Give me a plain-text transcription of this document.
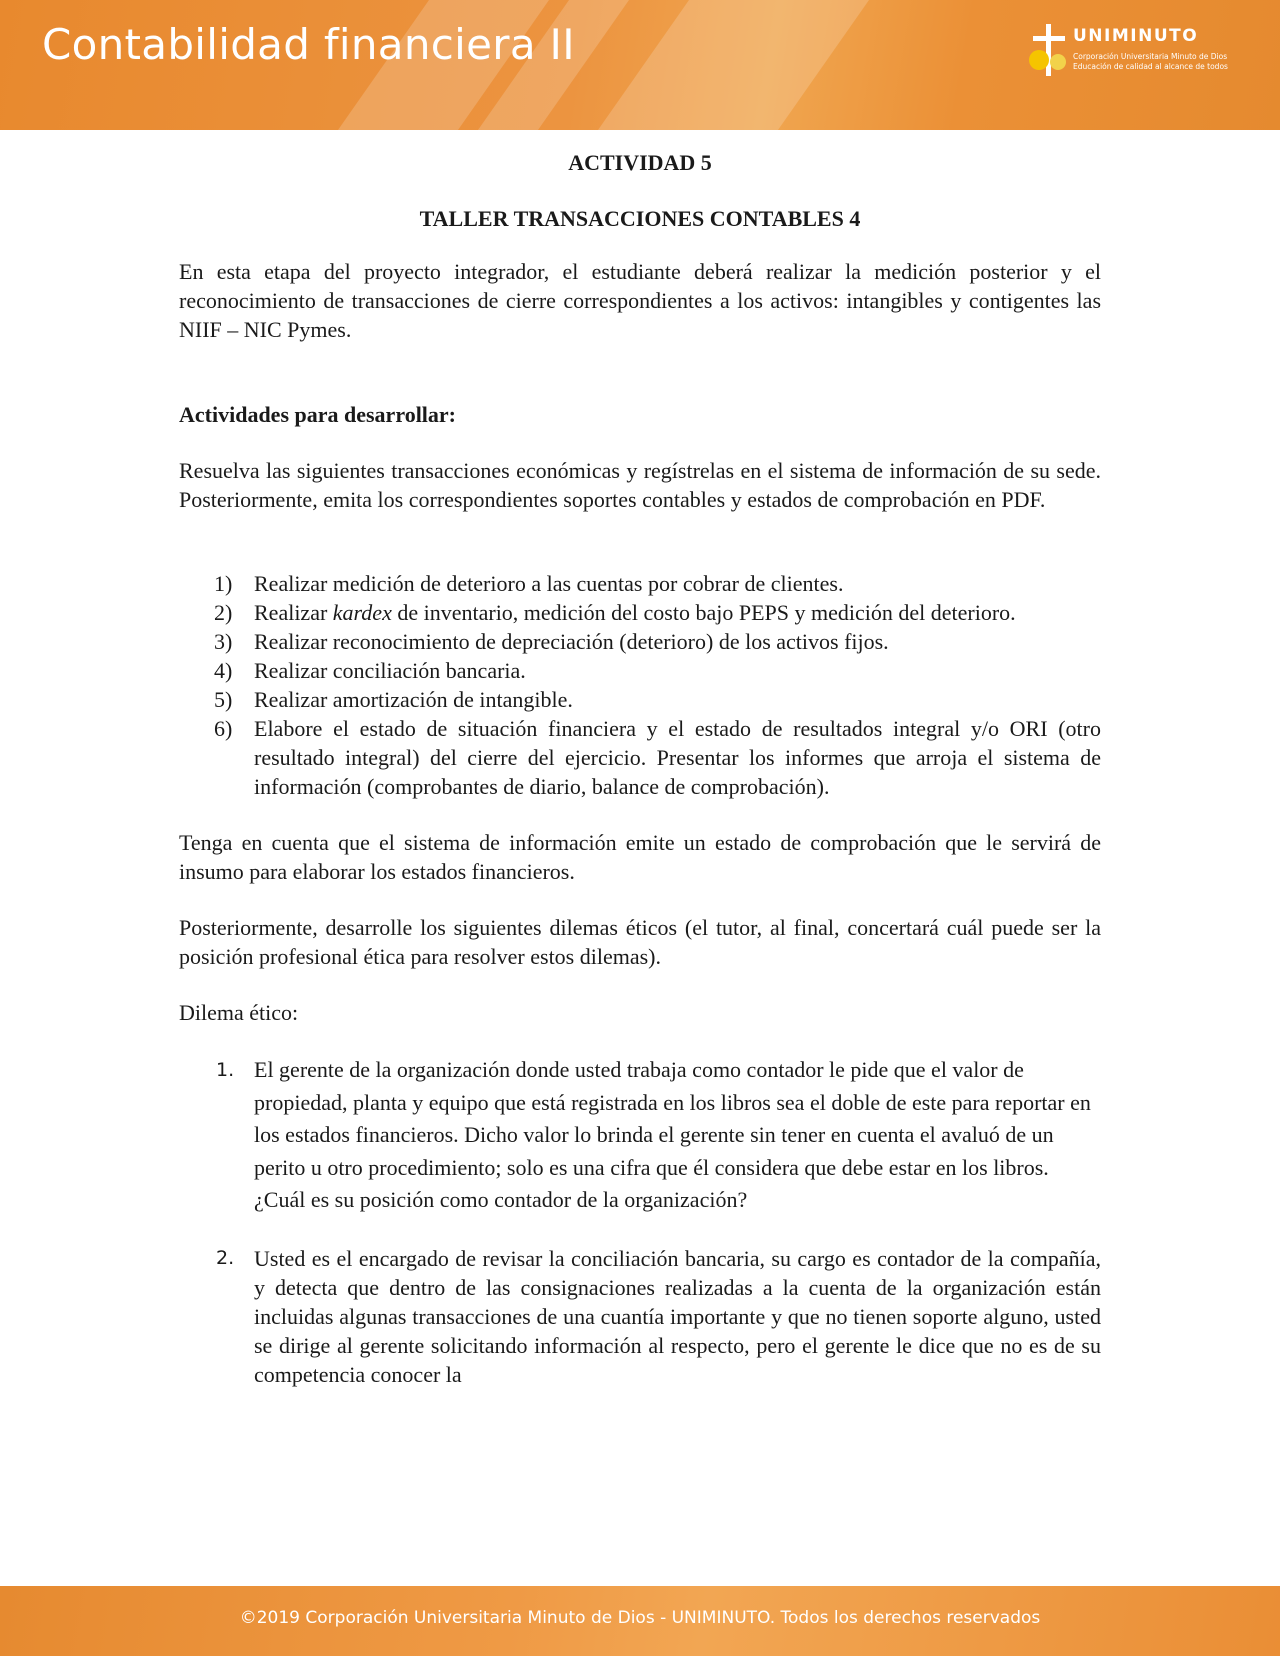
Contabilidad financiera II	UNIMINUTO
Corporación Universitaria Minuto de Dios
Educación de calidad al alcance de todos

ACTIVIDAD 5

TALLER TRANSACCIONES CONTABLES 4

En esta etapa del proyecto integrador, el estudiante deberá realizar la medición posterior y el reconocimiento de transacciones de cierre correspondientes a los activos: intangibles y contigentes las NIIF – NIC Pymes.

Actividades para desarrollar:

Resuelva las siguientes transacciones económicas y regístrelas en el sistema de información de su sede. Posteriormente, emita los correspondientes soportes contables y estados de comprobación en PDF.

1) Realizar medición de deterioro a las cuentas por cobrar de clientes.
2) Realizar kardex de inventario, medición del costo bajo PEPS y medición del deterioro.
3) Realizar reconocimiento de depreciación (deterioro) de los activos fijos.
4) Realizar conciliación bancaria.
5) Realizar amortización de intangible.
6) Elabore el estado de situación financiera y el estado de resultados integral y/o ORI (otro resultado integral) del cierre del ejercicio. Presentar los informes que arroja el sistema de información (comprobantes de diario, balance de comprobación).

Tenga en cuenta que el sistema de información emite un estado de comprobación que le servirá de insumo para elaborar los estados financieros.

Posteriormente, desarrolle los siguientes dilemas éticos (el tutor, al final, concertará cuál puede ser la posición profesional ética para resolver estos dilemas).

Dilema ético:

1. El gerente de la organización donde usted trabaja como contador le pide que el valor de propiedad, planta y equipo que está registrada en los libros sea el doble de este para reportar en los estados financieros. Dicho valor lo brinda el gerente sin tener en cuenta el avaluó de un perito u otro procedimiento; solo es una cifra que él considera que debe estar en los libros. ¿Cuál es su posición como contador de la organización?
2. Usted es el encargado de revisar la conciliación bancaria, su cargo es contador de la compañía, y detecta que dentro de las consignaciones realizadas a la cuenta de la organización están incluidas algunas transacciones de una cuantía importante y que no tienen soporte alguno, usted se dirige al gerente solicitando información al respecto, pero el gerente le dice que no es de su competencia conocer la
©2019 Corporación Universitaria Minuto de Dios - UNIMINUTO. Todos los derechos reservados
